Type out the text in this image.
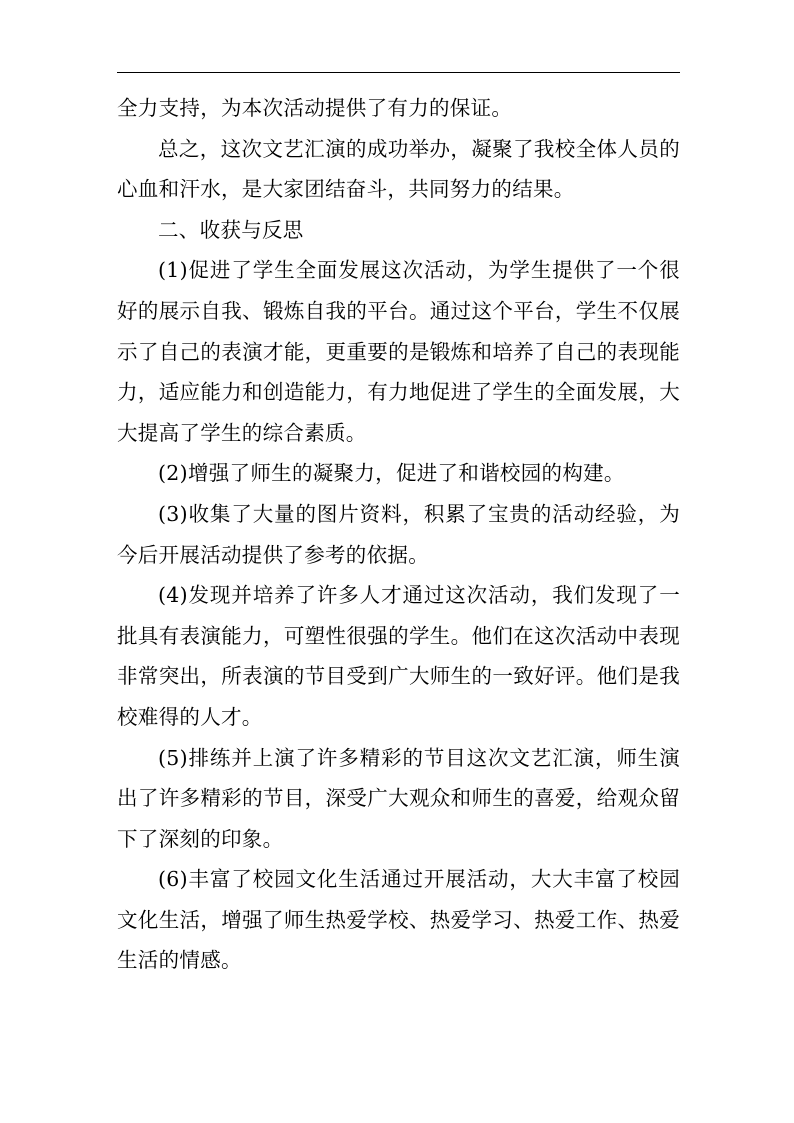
全力支持，为本次活动提供了有力的保证。

总之，这次文艺汇演的成功举办，凝聚了我校全体人员的心血和汗水，是大家团结奋斗，共同努力的结果。

二、收获与反思

(1)促进了学生全面发展这次活动，为学生提供了一个很好的展示自我、锻炼自我的平台。通过这个平台，学生不仅展示了自己的表演才能，更重要的是锻炼和培养了自己的表现能力，适应能力和创造能力，有力地促进了学生的全面发展，大大提高了学生的综合素质。

(2)增强了师生的凝聚力，促进了和谐校园的构建。

(3)收集了大量的图片资料，积累了宝贵的活动经验，为今后开展活动提供了参考的依据。

(4)发现并培养了许多人才通过这次活动，我们发现了一批具有表演能力，可塑性很强的学生。他们在这次活动中表现非常突出，所表演的节目受到广大师生的一致好评。他们是我校难得的人才。

(5)排练并上演了许多精彩的节目这次文艺汇演，师生演出了许多精彩的节目，深受广大观众和师生的喜爱，给观众留下了深刻的印象。

(6)丰富了校园文化生活通过开展活动，大大丰富了校园文化生活，增强了师生热爱学校、热爱学习、热爱工作、热爱生活的情感。
